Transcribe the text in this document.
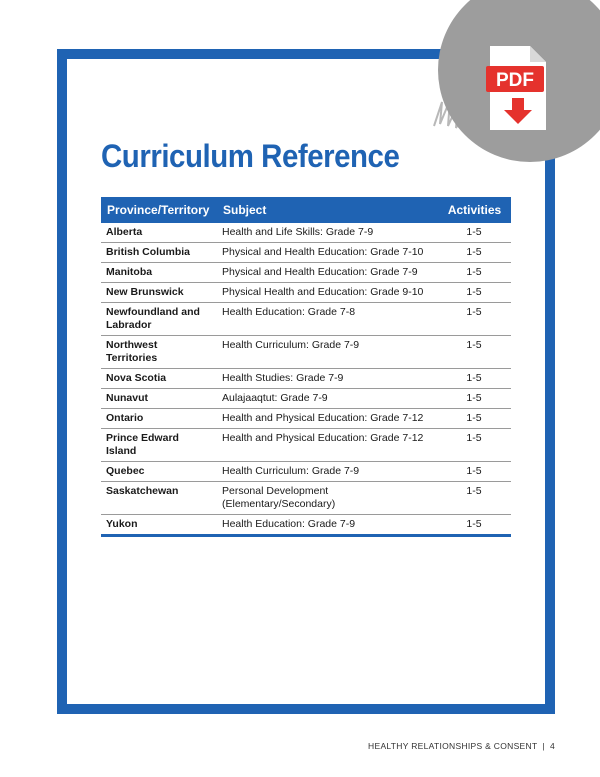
Curriculum Reference
Province/Territory	Subject	Activities
Alberta	Health and Life Skills: Grade 7-9	1-5
British Columbia	Physical and Health Education: Grade 7-10	1-5
Manitoba	Physical and Health Education: Grade 7-9	1-5
New Brunswick	Physical Health and Education: Grade 9-10	1-5
Newfoundland and Labrador	Health Education: Grade 7-8	1-5
Northwest Territories	Health Curriculum: Grade 7-9	1-5
Nova Scotia	Health Studies: Grade 7-9	1-5
Nunavut	Aulajaaqtut: Grade 7-9	1-5
Ontario	Health and Physical Education: Grade 7-12	1-5
Prince Edward Island	Health and Physical Education: Grade 7-12	1-5
Quebec	Health Curriculum: Grade 7-9	1-5
Saskatchewan	Personal Development (Elementary/Secondary)	1-5
Yukon	Health Education: Grade 7-9	1-5
PDF
HEALTHY RELATIONSHIPS & CONSENT | 4
